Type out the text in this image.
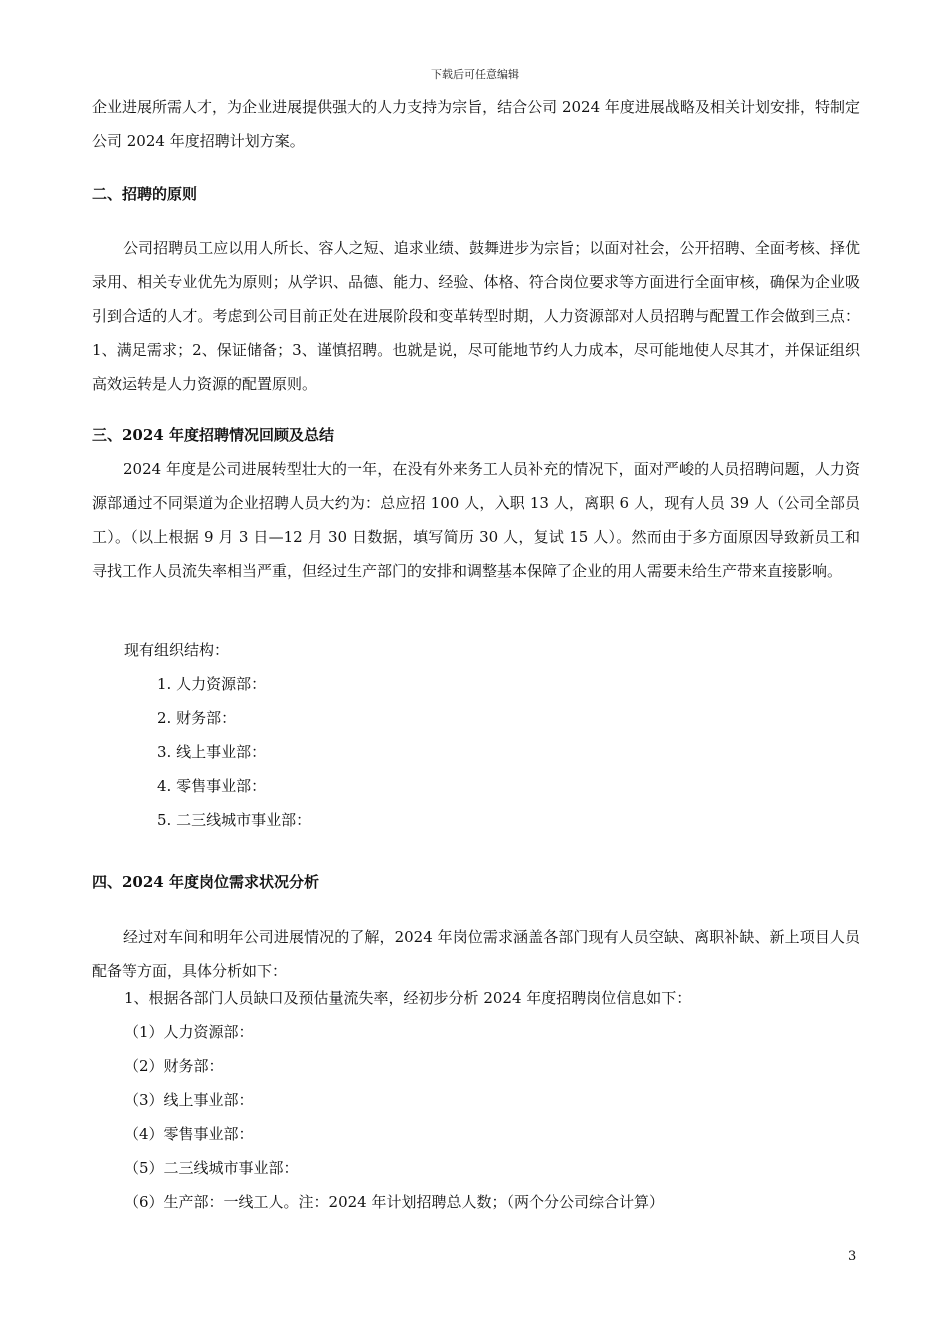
下载后可任意编辑
企业进展所需人才，为企业进展提供强大的人力支持为宗旨，结合公司 2024 年度进展战略及相关计划安排，特制定公司 2024 年度招聘计划方案。
二、招聘的原则
公司招聘员工应以用人所长、容人之短、追求业绩、鼓舞进步为宗旨；以面对社会，公开招聘、全面考核、择优录用、相关专业优先为原则；从学识、品德、能力、经验、体格、符合岗位要求等方面进行全面审核，确保为企业吸引到合适的人才。考虑到公司目前正处在进展阶段和变革转型时期，人力资源部对人员招聘与配置工作会做到三点：1、满足需求；2、保证储备；3、谨慎招聘。也就是说，尽可能地节约人力成本，尽可能地使人尽其才，并保证组织高效运转是人力资源的配置原则。
三、2024 年度招聘情况回顾及总结
2024 年度是公司进展转型壮大的一年，在没有外来务工人员补充的情况下，面对严峻的人员招聘问题，人力资源部通过不同渠道为企业招聘人员大约为：总应招 100 人，入职 13 人，离职 6 人，现有人员 39 人（公司全部员工）。（以上根据 9 月 3 日—12 月 30 日数据，填写简历 30 人，复试 15 人）。然而由于多方面原因导致新员工和寻找工作人员流失率相当严重，但经过生产部门的安排和调整基本保障了企业的用人需要未给生产带来直接影响。
现有组织结构：
1. 人力资源部：
2. 财务部：
3. 线上事业部：
4. 零售事业部：
5. 二三线城市事业部：
四、2024 年度岗位需求状况分析
经过对车间和明年公司进展情况的了解，2024 年岗位需求涵盖各部门现有人员空缺、离职补缺、新上项目人员配备等方面，具体分析如下：
1、根据各部门人员缺口及预估量流失率，经初步分析 2024 年度招聘岗位信息如下：
（1）人力资源部：
（2）财务部：
（3）线上事业部：
（4）零售事业部：
（5）二三线城市事业部：
（6）生产部：一线工人。注：2024 年计划招聘总人数；（两个分公司综合计算）
3
